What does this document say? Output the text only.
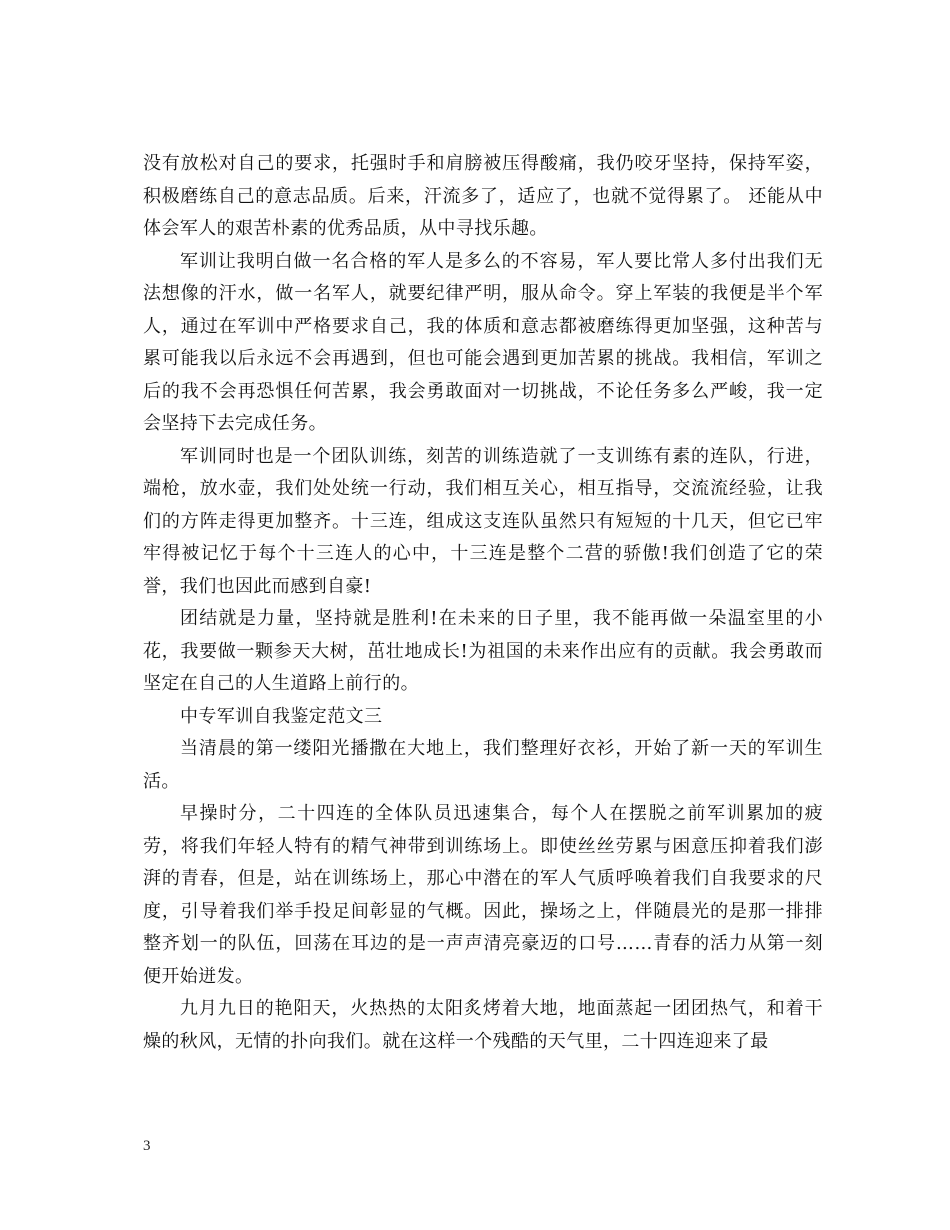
没有放松对自己的要求，托强时手和肩膀被压得酸痛，我仍咬牙坚持，保持军姿，积极磨练自己的意志品质。后来，汗流多了，适应了，也就不觉得累了。 还能从中体会军人的艰苦朴素的优秀品质，从中寻找乐趣。

军训让我明白做一名合格的军人是多么的不容易，军人要比常人多付出我们无法想像的汗水，做一名军人，就要纪律严明，服从命令。穿上军装的我便是半个军人，通过在军训中严格要求自己，我的体质和意志都被磨练得更加坚强，这种苦与累可能我以后永远不会再遇到，但也可能会遇到更加苦累的挑战。我相信，军训之后的我不会再恐惧任何苦累，我会勇敢面对一切挑战，不论任务多么严峻，我一定会坚持下去完成任务。

军训同时也是一个团队训练，刻苦的训练造就了一支训练有素的连队，行进，端枪，放水壶，我们处处统一行动，我们相互关心，相互指导，交流流经验，让我们的方阵走得更加整齐。十三连，组成这支连队虽然只有短短的十几天，但它已牢牢得被记忆于每个十三连人的心中，十三连是整个二营的骄傲!我们创造了它的荣誉，我们也因此而感到自豪!

团结就是力量，坚持就是胜利!在未来的日子里，我不能再做一朵温室里的小花，我要做一颗参天大树，茁壮地成长!为祖国的未来作出应有的贡献。我会勇敢而坚定在自己的人生道路上前行的。

中专军训自我鉴定范文三

当清晨的第一缕阳光播撒在大地上，我们整理好衣衫，开始了新一天的军训生活。

早操时分，二十四连的全体队员迅速集合，每个人在摆脱之前军训累加的疲劳，将我们年轻人特有的精气神带到训练场上。即使丝丝劳累与困意压抑着我们澎湃的青春，但是，站在训练场上，那心中潜在的军人气质呼唤着我们自我要求的尺度，引导着我们举手投足间彰显的气概。因此，操场之上，伴随晨光的是那一排排整齐划一的队伍，回荡在耳边的是一声声清亮豪迈的口号……青春的活力从第一刻便开始迸发。

九月九日的艳阳天，火热热的太阳炙烤着大地，地面蒸起一团团热气，和着干燥的秋风，无情的扑向我们。就在这样一个残酷的天气里，二十四连迎来了最

3
